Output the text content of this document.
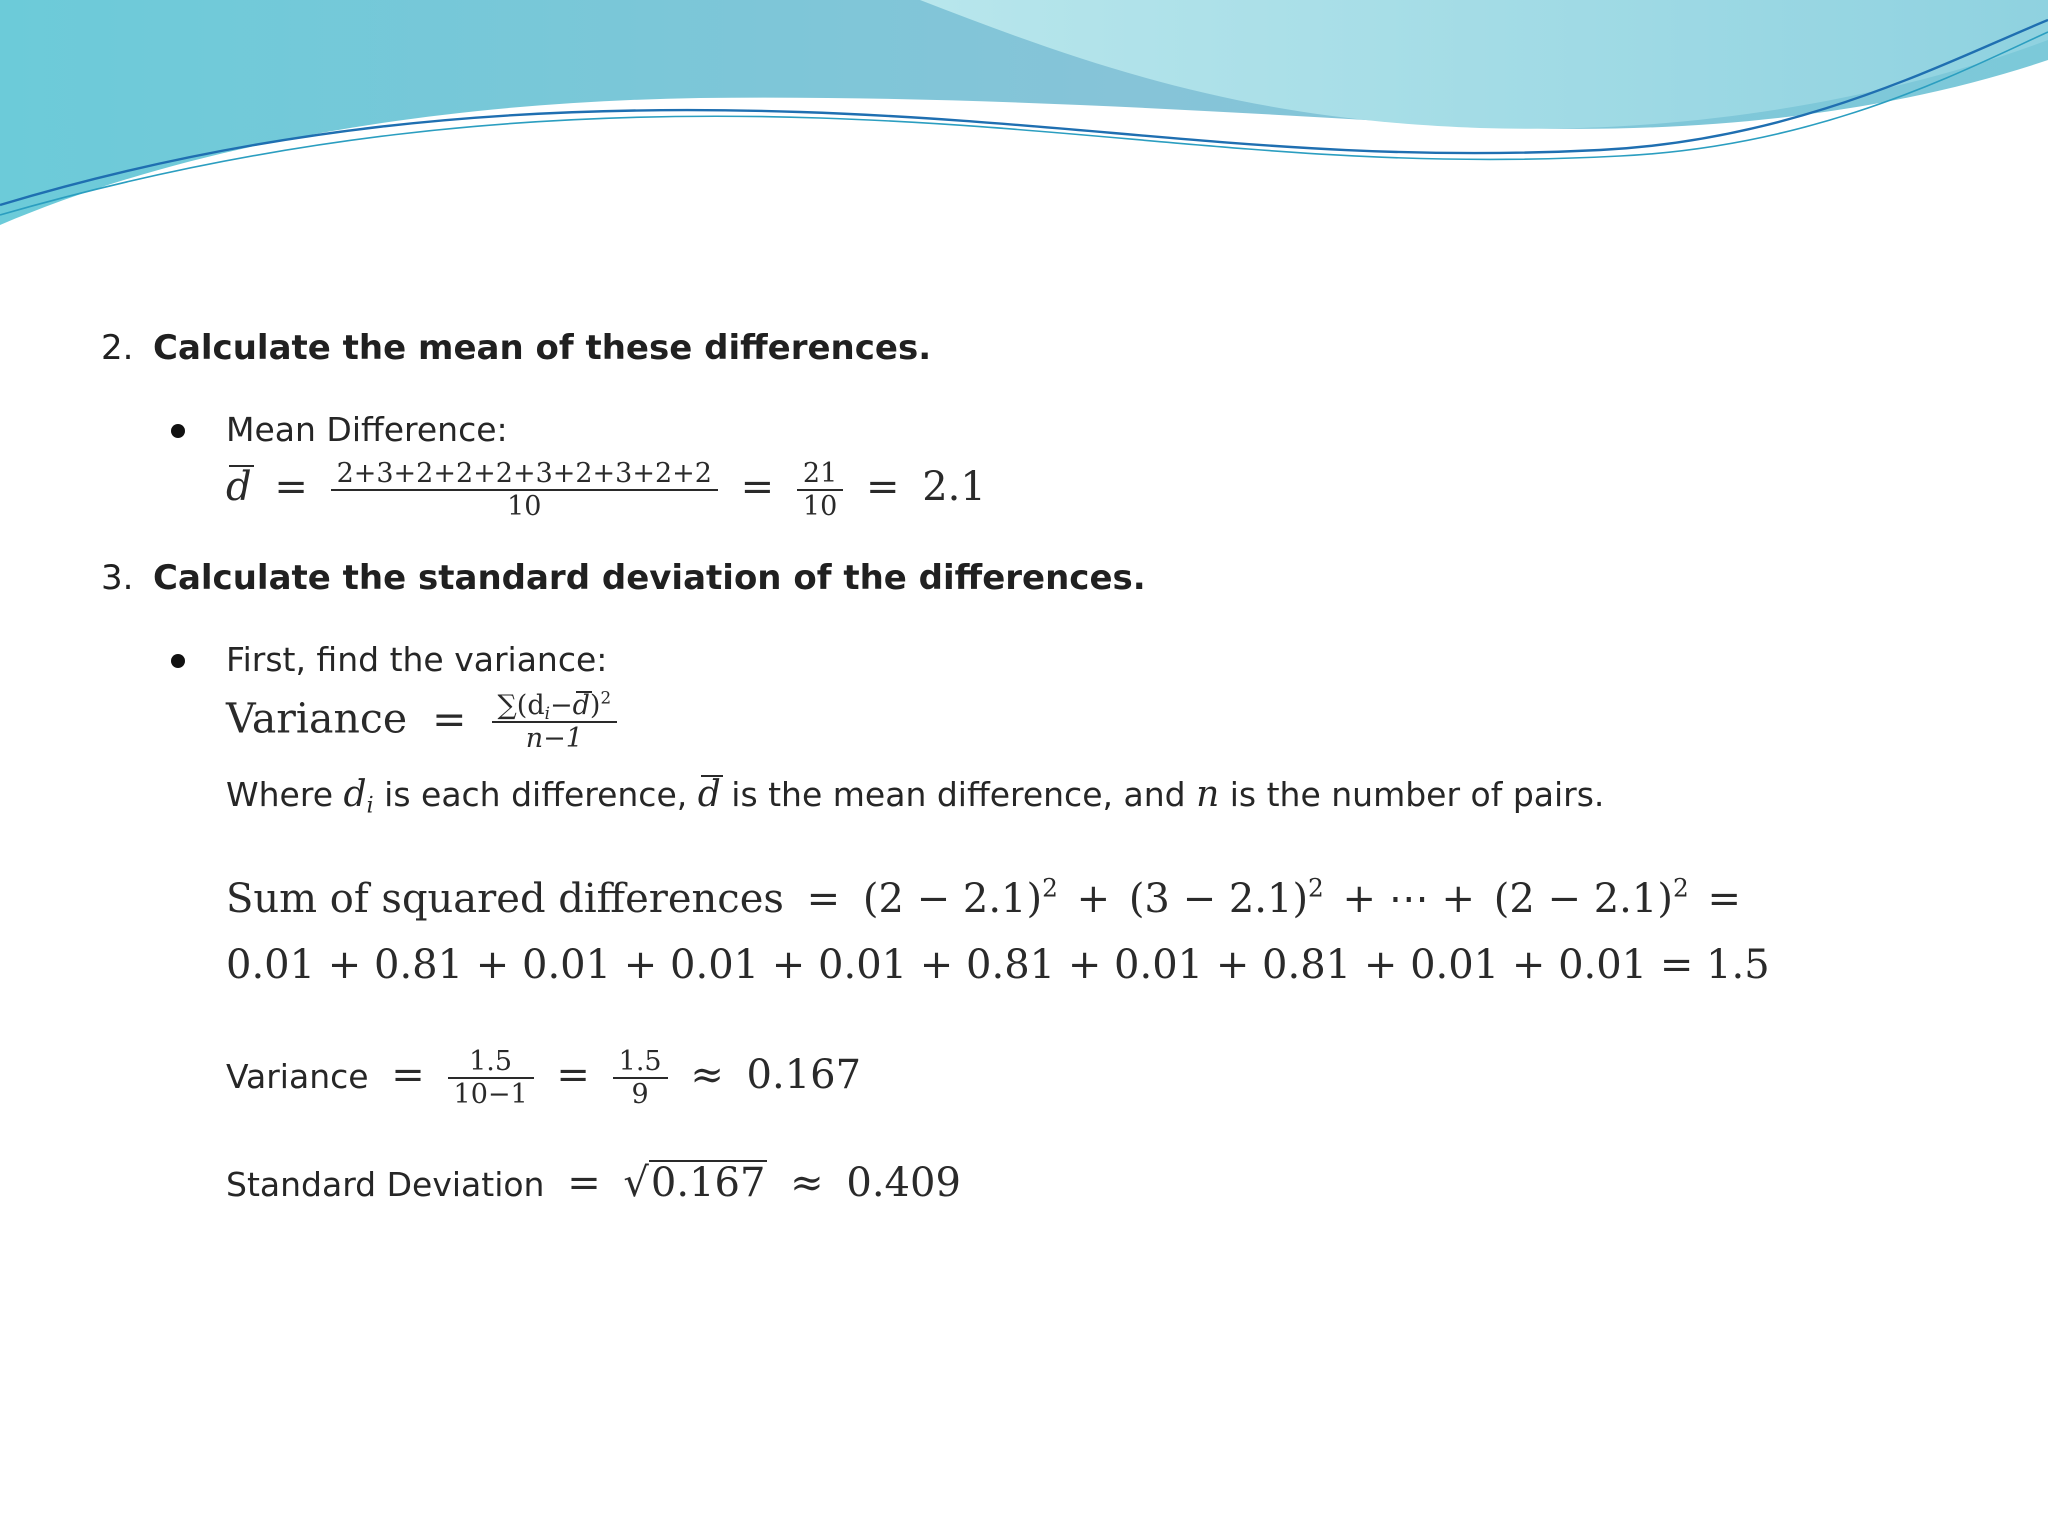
2. Calculate the mean of these differences.
Mean Difference:
$d = \frac{2+3+2+2+2+3+2+3+2+2}{10} = \frac{21}{10} = 2.1$
3. Calculate the standard deviation of the differences.
First, find the variance:
Variance = $\frac{\sum(d_i-d)^2}{n-1}$
Where $d_i$ is each difference, d is the mean difference, and n is the number of pairs.
Sum of squared differences = $(2 - 2.1)^2 + (3 - 2.1)^2$ + ⋯ + $(2 - 2.1)^2$ =
0.01 + 0.81 + 0.01 + 0.01 + 0.01 + 0.81 + 0.01 + 0.81 + 0.01 + 0.01 = 1.5
Variance = $\frac{1.5}{10-1} = \frac{1.5}{9} \approx 0.167$
Standard Deviation = √0.167 ≈ 0.409
